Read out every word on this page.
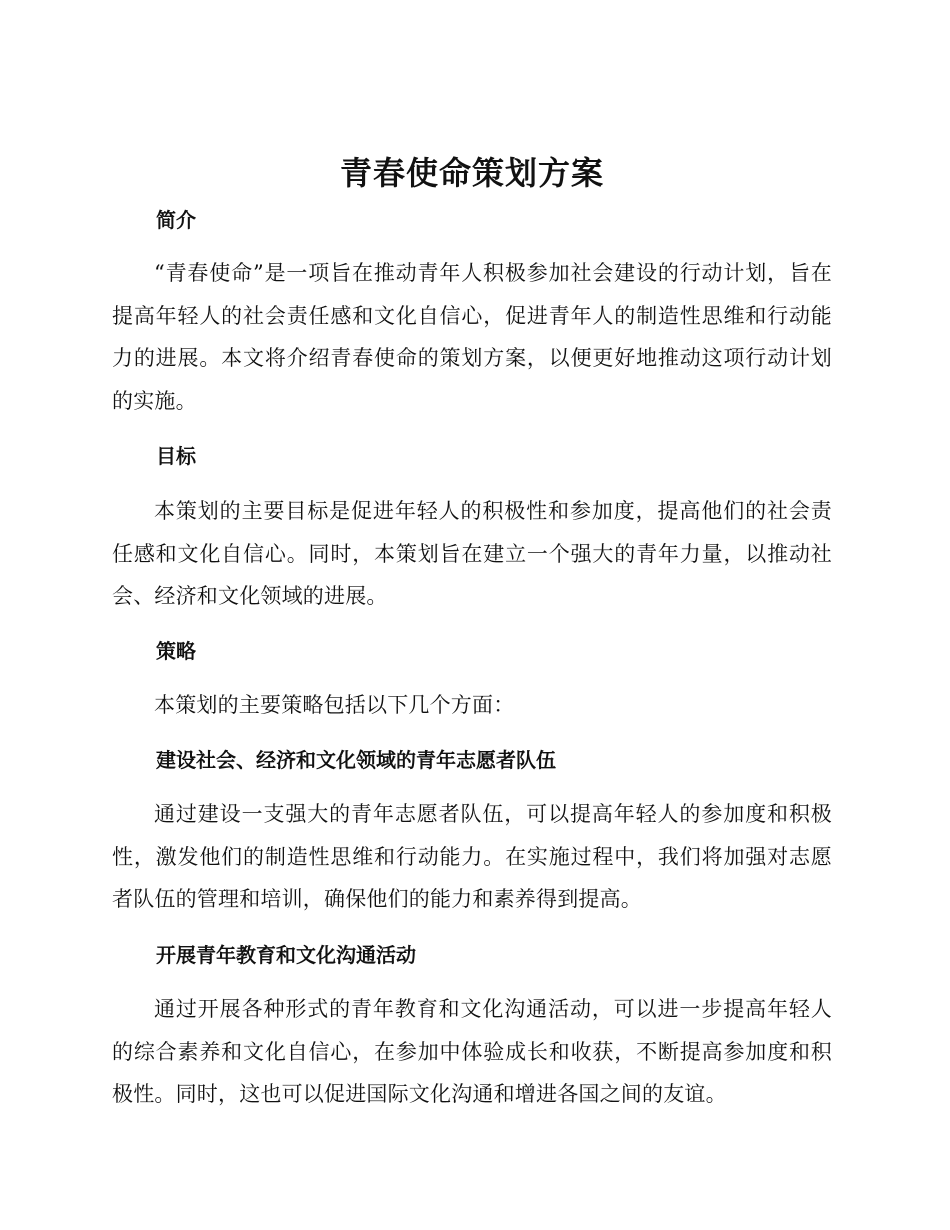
青春使命策划方案
简介

“青春使命”是一项旨在推动青年人积极参加社会建设的行动计划，旨在提高年轻人的社会责任感和文化自信心，促进青年人的制造性思维和行动能力的进展。本文将介绍青春使命的策划方案，以便更好地推动这项行动计划的实施。

目标

本策划的主要目标是促进年轻人的积极性和参加度，提高他们的社会责任感和文化自信心。同时，本策划旨在建立一个强大的青年力量，以推动社会、经济和文化领域的进展。

策略

本策划的主要策略包括以下几个方面：

建设社会、经济和文化领域的青年志愿者队伍

通过建设一支强大的青年志愿者队伍，可以提高年轻人的参加度和积极性，激发他们的制造性思维和行动能力。在实施过程中，我们将加强对志愿者队伍的管理和培训，确保他们的能力和素养得到提高。

开展青年教育和文化沟通活动

通过开展各种形式的青年教育和文化沟通活动，可以进一步提高年轻人的综合素养和文化自信心，在参加中体验成长和收获，不断提高参加度和积极性。同时，这也可以促进国际文化沟通和增进各国之间的友谊。
